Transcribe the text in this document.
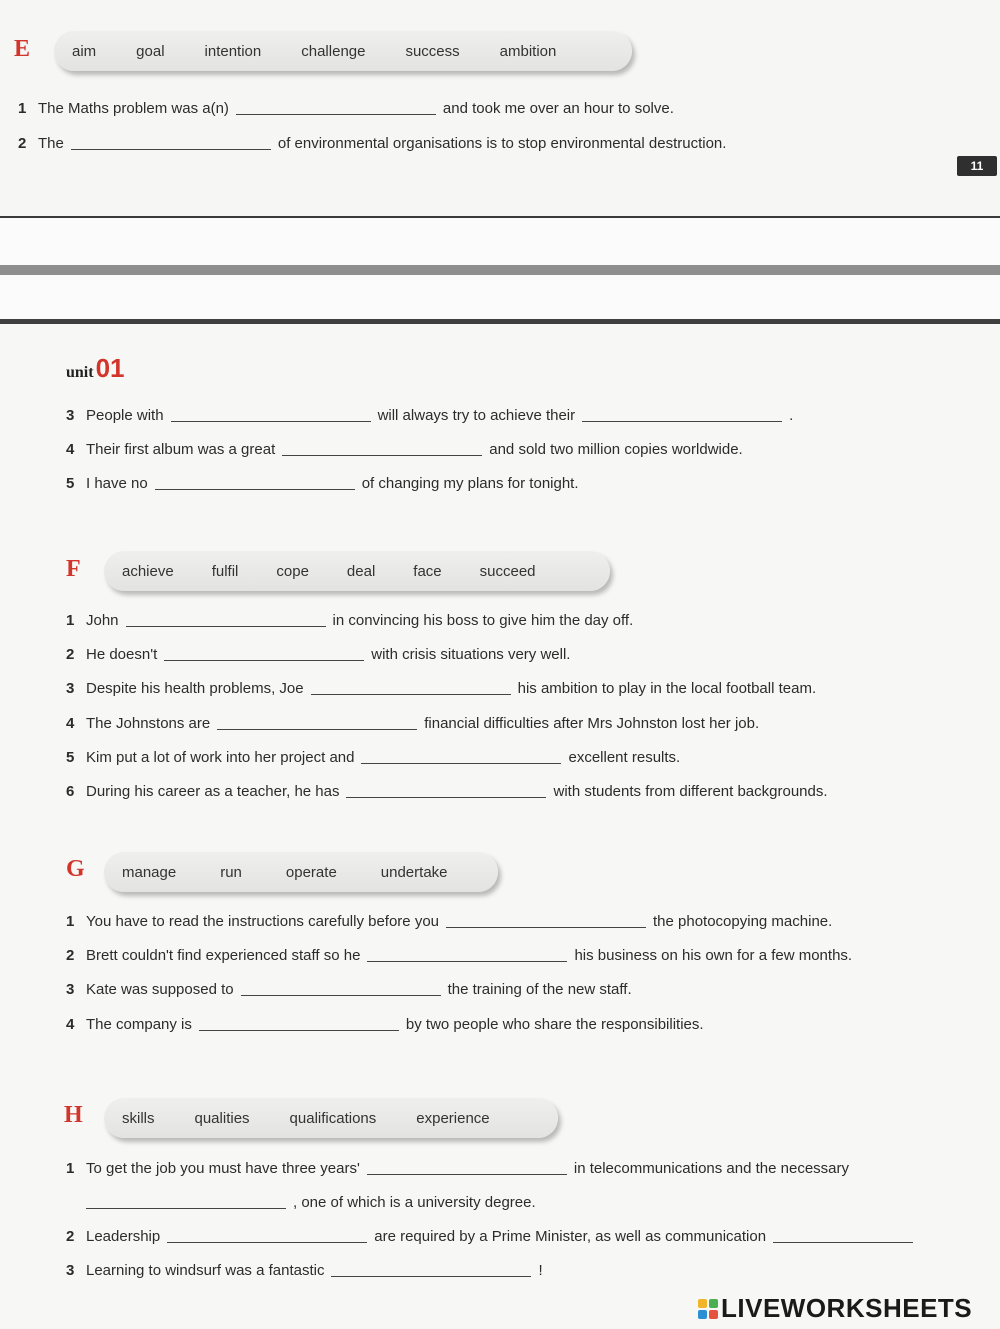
E	aim	goal	intention	challenge	success	ambition
1 The Maths problem was a(n)	and took me over an hour to solve.
2 The	of environmental organisations is to stop environmental destruction.
11
unit 01
3 People with	will always try to achieve their	.
4 Their first album was a great	and sold two million copies worldwide.
5 I have no	of changing my plans for tonight.
F	achieve	fulfil	cope	deal	face	succeed
1 John	in convincing his boss to give him the day off.
2 He doesn't	with crisis situations very well.
3 Despite his health problems, Joe	his ambition to play in the local football team.
4 The Johnstons are	financial difficulties after Mrs Johnston lost her job.
5 Kim put a lot of work into her project and	excellent results.
6 During his career as a teacher, he has	with students from different backgrounds.
G manage	run	operate	undertake
1 You have to read the instructions carefully before you	the photocopying machine.
2 Brett couldn't find experienced staff so he	his business on his own for a few months.
3 Kate was supposed to	the training of the new staff.
4 The company is	by two people who share the responsibilities.
H	skills	qualities	qualifications	experience
1 To get the job you must have three years'	in telecommunications and the necessary
, one of which is a university degree.
2 Leadership	are required by a Prime Minister, as well as communication
3 Learning to windsurf was a fantastic	!
LIVEWORKSHEETS
